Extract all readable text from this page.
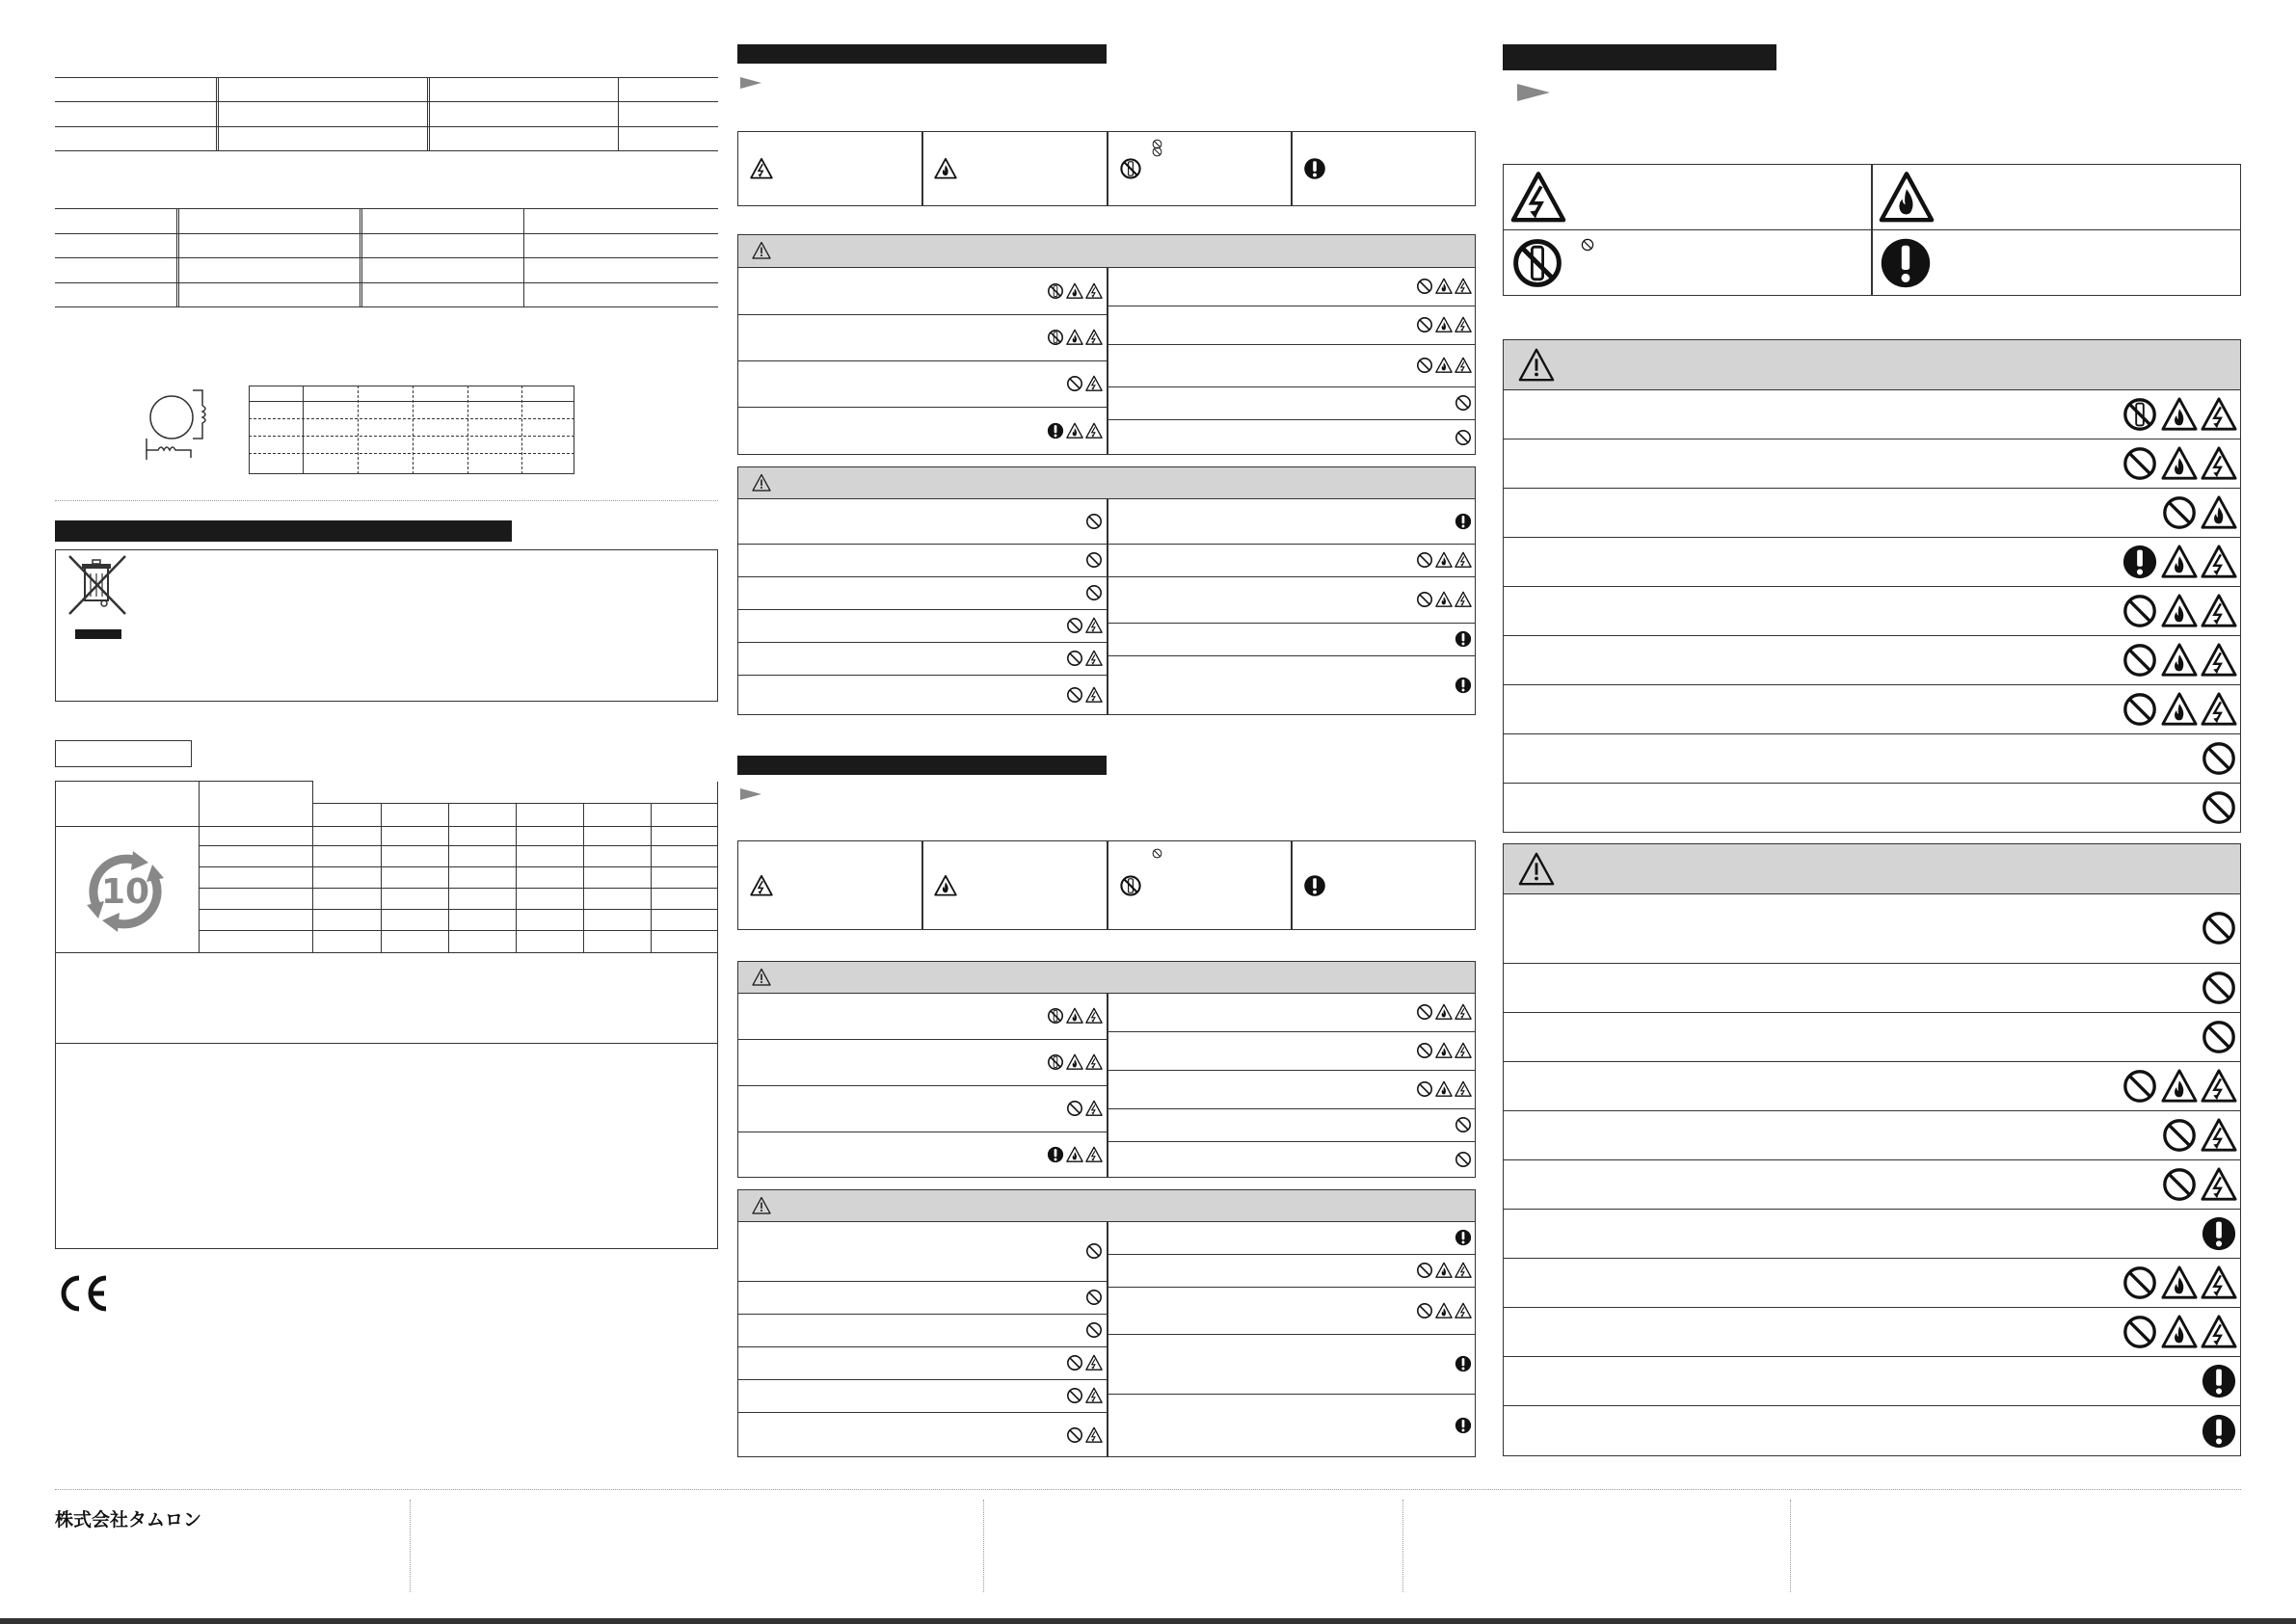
10
株式会社タムロン
